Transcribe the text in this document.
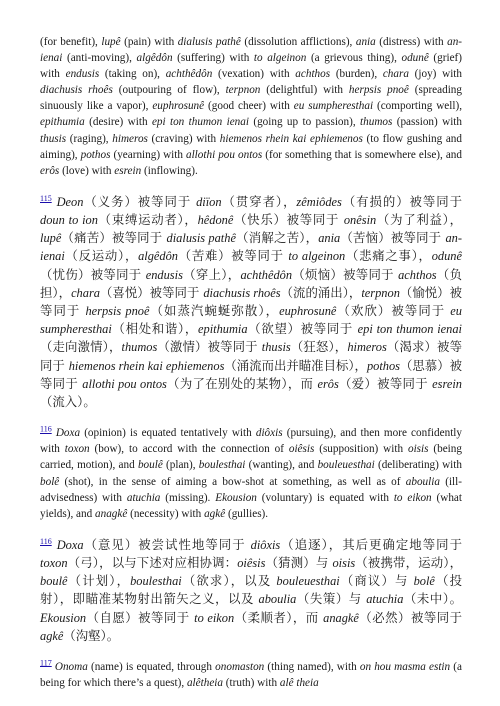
(for benefit), lupê (pain) with dialusis pathê (dissolution afflictions), ania (distress) with an-ienai (anti-moving), algêdôn (suffering) with to algeinon (a grievous thing), odunê (grief) with endusis (taking on), achthêdôn (vexation) with achthos (burden), chara (joy) with diachusis rhoês (outpouring of flow), terpnon (delightful) with herpsis pnoê (spreading sinuously like a vapor), euphrosunê (good cheer) with eu sumpheresthai (comporting well), epithumia (desire) with epi ton thumon ienai (going up to passion), thumos (passion) with thusis (raging), himeros (craving) with hiemenos rhein kai ephiemenos (to flow gushing and aiming), pothos (yearning) with allothi pou ontos (for something that is somewhere else), and erôs (love) with esrein (inflowing).

$^{115}$ Deon（义务）被等同于 diïon（贯穿者），zêmiôdes（有损的）被等同于 doun to ion（束缚运动者），hêdonê（快乐）被等同于 onêsin（为了利益），lupê（痛苦）被等同于 dialusis pathê（消解之苦），ania（苦恼）被等同于 an-ienai（反运动），algêdôn（苦难）被等同于 to algeinon（悲痛之事），odunê（忧伤）被等同于 endusis（穿上），achthêdôn（烦恼）被等同于 achthos（负担），chara（喜悦）被等同于 diachusis rhoês（流的涌出），terpnon（愉悦）被等同于 herpsis pnoê（如蒸汽蜿蜒弥散），euphrosunê（欢欣）被等同于 eu sumpheresthai（相处和谐），epithumia（欲望）被等同于 epi ton thumon ienai（走向激情），thumos（激情）被等同于 thusis（狂怒），himeros（渴求）被等同于 hiemenos rhein kai ephiemenos（涌流而出并瞄准目标），pothos（思慕）被等同于 allothi pou ontos（为了在别处的某物），而 erôs（爱）被等同于 esrein（流入）。

$^{116}$ Doxa (opinion) is equated tentatively with diôxis (pursuing), and then more confidently with toxon (bow), to accord with the connection of oiêsis (supposition) with oisis (being carried, motion), and boulê (plan), boulesthai (wanting), and bouleuesthai (deliberating) with bolê (shot), in the sense of aiming a bow-shot at something, as well as of aboulia (ill-advisedness) with atuchia (missing). Ekousion (voluntary) is equated with to eikon (what yields), and anagkê (necessity) with agkê (gullies).

$^{116}$ Doxa（意见）被尝试性地等同于 diôxis（追逐），其后更确定地等同于 toxon（弓），以与下述对应相协调：oiêsis（猜测）与 oisis（被携带，运动），boulê（计划），boulesthai（欲求），以及 bouleuesthai（商议）与 bolê（投射），即瞄准某物射出箭矢之义，以及 aboulia（失策）与 atuchia（未中）。Ekousion（自愿）被等同于 to eikon（柔顺者），而 anagkê（必然）被等同于 agkê（沟壑）。

$^{117}$ Onoma (name) is equated, through onomaston (thing named), with on hou masma estin (a being for which there’s a quest), alêtheia (truth) with alê theia
